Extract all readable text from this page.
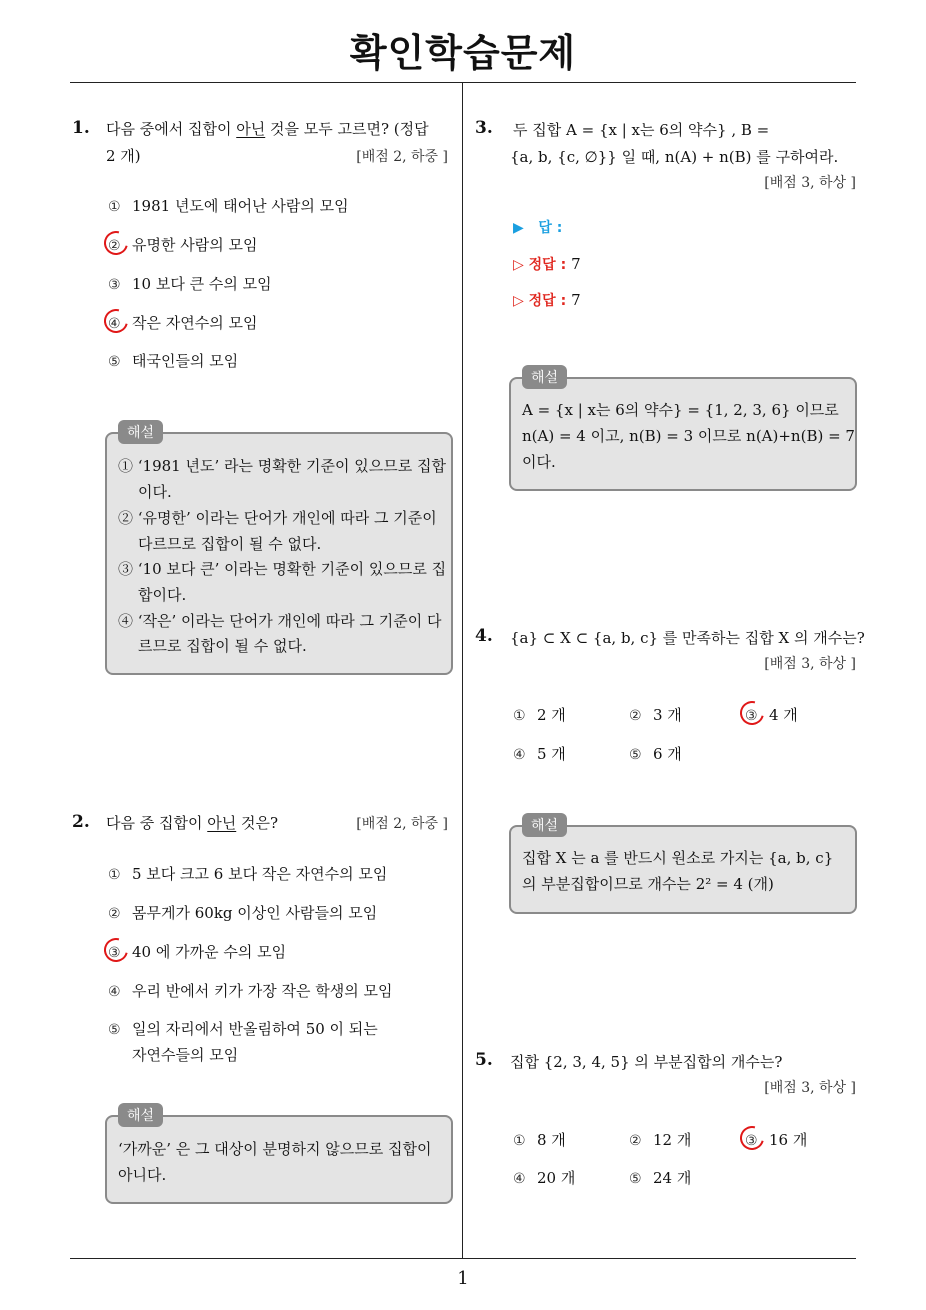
확인학습문제
1
1. 다음 중에서 집합이 아닌 것을 모두 고르면? (정답
2 개)	[배점 2, 하중 ]
① 1981 년도에 태어난 사람의 모임
② 유명한 사람의 모임
③ 10 보다 큰 수의 모임
④ 작은 자연수의 모임
⑤ 태국인들의 모임
해설
① ‘1981 년도’ 라는 명확한 기준이 있으므로 집합
이다.
② ‘유명한’ 이라는 단어가 개인에 따라 그 기준이
다르므로 집합이 될 수 없다.
③ ‘10 보다 큰’ 이라는 명확한 기준이 있으므로 집
합이다.
④ ‘작은’ 이라는 단어가 개인에 따라 그 기준이 다
르므로 집합이 될 수 없다.
2. 다음 중 집합이 아닌 것은?	[배점 2, 하중 ]
① 5 보다 크고 6 보다 작은 자연수의 모임
② 몸무게가 60kg 이상인 사람들의 모임
③ 40 에 가까운 수의 모임
④ 우리 반에서 키가 가장 작은 학생의 모임
⑤ 일의 자리에서 반올림하여 50 이 되는
자연수들의 모임
해설
‘가까운’ 은 그 대상이 분명하지 않으므로 집합이
아니다.
3. 두 집합 A = {x | x는 6의 약수} , B =
{a, b, {c, ∅}} 일 때, n(A) + n(B) 를 구하여라.
[배점 3, 하상 ]
▶ 답 :
▷ 정답 : 7
▷ 정답 : 7
해설
A = {x | x는 6의 약수} = {1, 2, 3, 6} 이므로
n(A) = 4 이고, n(B) = 3 이므로 n(A)+n(B) = 7
이다.
4. {a} ⊂ X ⊂ {a, b, c} 를 만족하는 집합 X 의 개수는?
[배점 3, 하상 ]
① 2 개	② 3 개	③ 4 개
④ 5 개	⑤ 6 개
해설
집합 X 는 a 를 반드시 원소로 가지는 {a, b, c}
의 부분집합이므로 개수는 2² = 4 (개)
5. 집합 {2, 3, 4, 5} 의 부분집합의 개수는?
[배점 3, 하상 ]
① 8 개	② 12 개	③ 16 개
④ 20 개	⑤ 24 개
